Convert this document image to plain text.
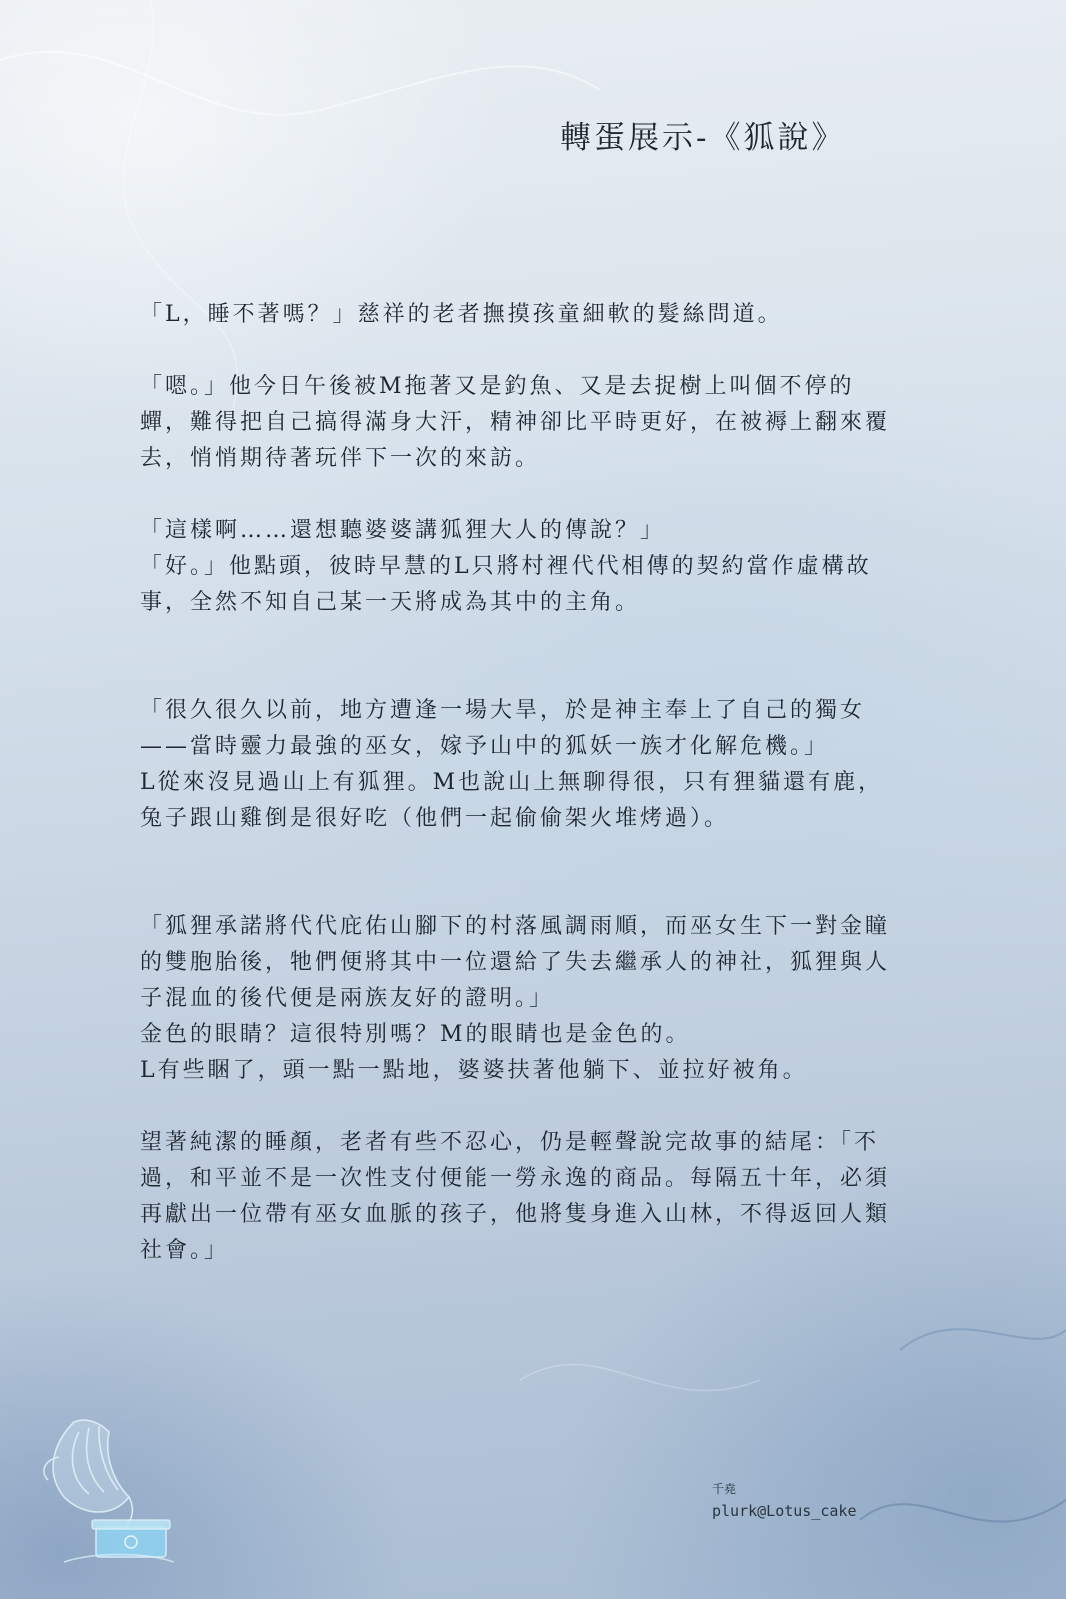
轉蛋展示-《狐說》

「L，睡不著嗎？」慈祥的老者撫摸孩童細軟的髮絲問道。

「嗯。」他今日午後被M拖著又是釣魚、又是去捉樹上叫個不停的蟬，難得把自己搞得滿身大汗，精神卻比平時更好，在被褥上翻來覆去，悄悄期待著玩伴下一次的來訪。

「這樣啊……還想聽婆婆講狐狸大人的傳說？」

「好。」他點頭，彼時早慧的L只將村裡代代相傳的契約當作虛構故事，全然不知自己某一天將成為其中的主角。

「很久很久以前，地方遭逢一場大旱，於是神主奉上了自己的獨女——當時靈力最強的巫女，嫁予山中的狐妖一族才化解危機。」

L從來沒見過山上有狐狸。M也說山上無聊得很，只有狸貓還有鹿，兔子跟山雞倒是很好吃（他們一起偷偷架火堆烤過）。

「狐狸承諾將代代庇佑山腳下的村落風調雨順，而巫女生下一對金瞳的雙胞胎後，牠們便將其中一位還給了失去繼承人的神社，狐狸與人子混血的後代便是兩族友好的證明。」

金色的眼睛？這很特別嗎？M的眼睛也是金色的。

L有些睏了，頭一點一點地，婆婆扶著他躺下、並拉好被角。

望著純潔的睡顏，老者有些不忍心，仍是輕聲說完故事的結尾：「不過，和平並不是一次性支付便能一勞永逸的商品。每隔五十年，必須再獻出一位帶有巫女血脈的孩子，他將隻身進入山林，不得返回人類社會。」

千堯
plurk@Lotus_cake
